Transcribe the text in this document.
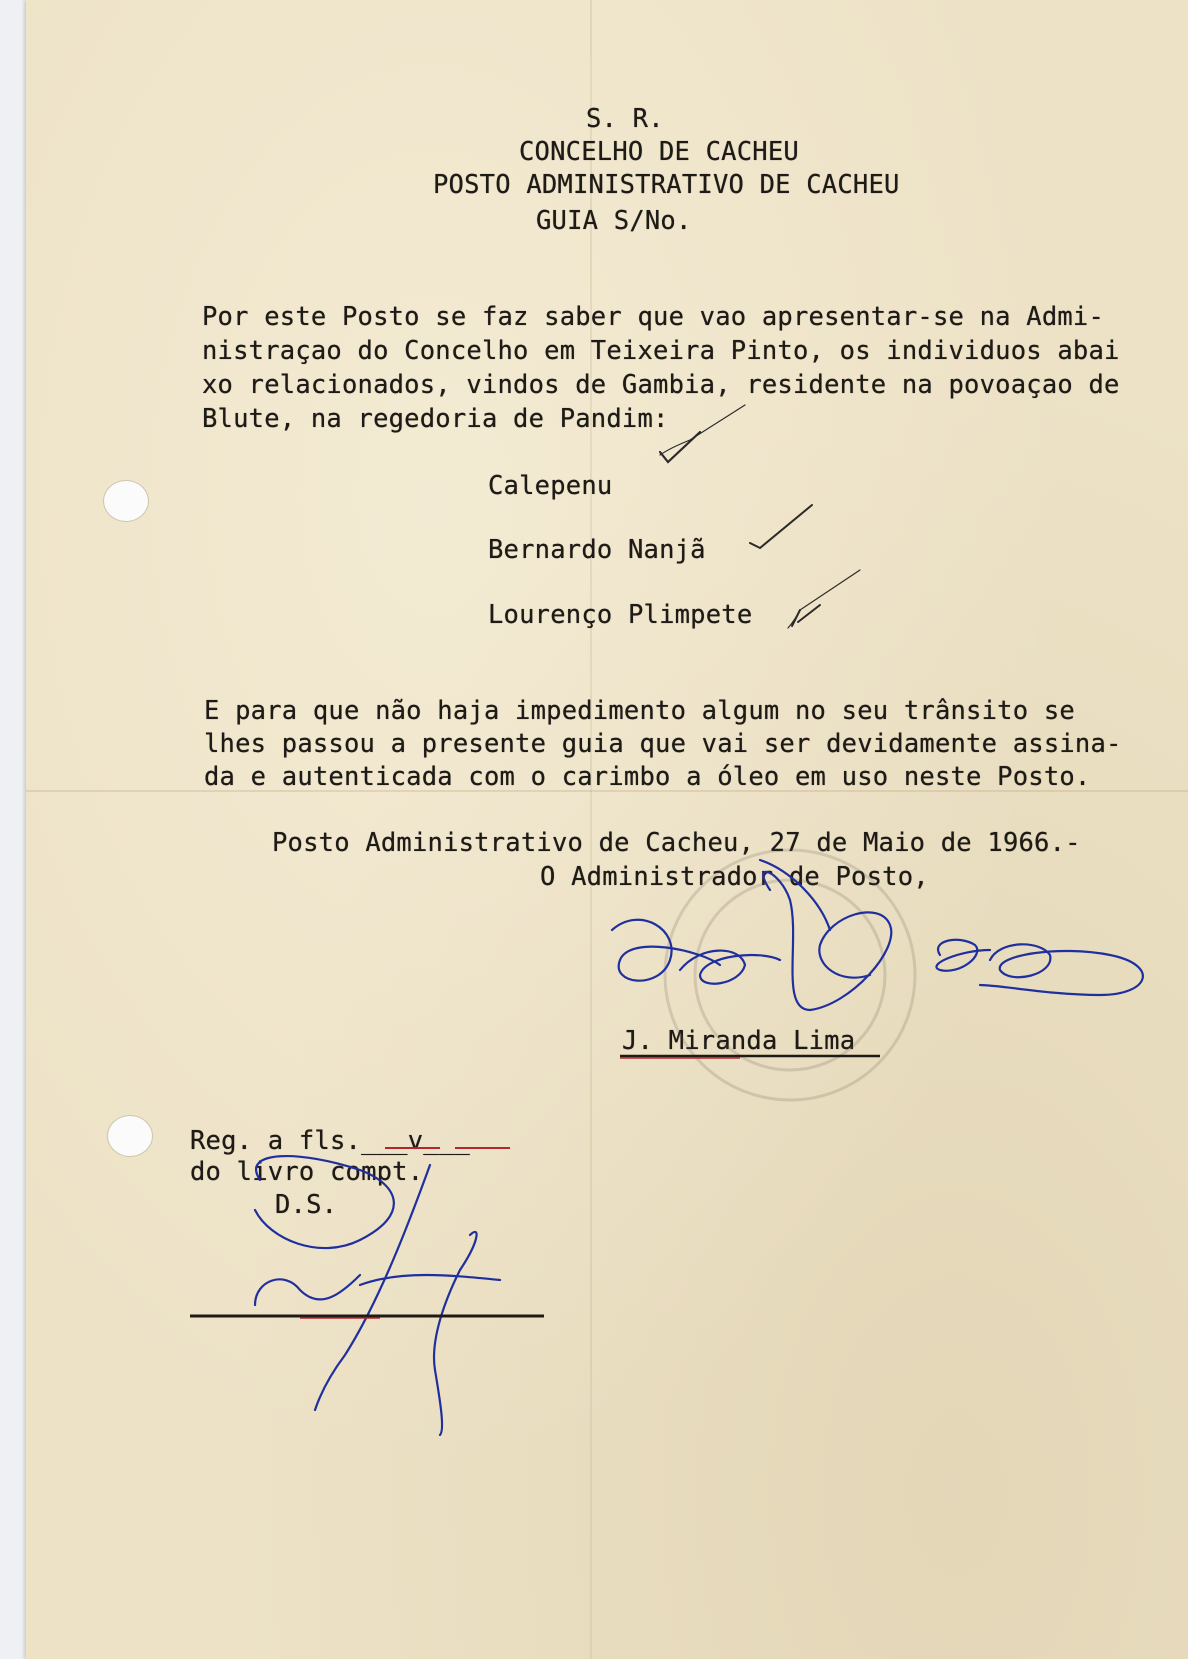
S. R.

CONCELHO DE CACHEU

POSTO ADMINISTRATIVO DE CACHEU

GUIA S/No.

Por este Posto se faz saber que vao apresentar-se na Admi-

nistraçao do Concelho em Teixeira Pinto, os individuos abai

xo relacionados, vindos de Gambia, residente na povoaçao de

Blute, na regedoria de Pandim:

Calepenu

Bernardo Nanjã

Lourenço Plimpete

E para que não haja impedimento algum no seu trânsito se

lhes passou a presente guia que vai ser devidamente assina-

da e autenticada com o carimbo a óleo em uso neste Posto.

Posto Administrativo de Cacheu, 27 de Maio de 1966.-

O Administrador de Posto,

J. Miranda Lima

Reg. a fls.___v___

do livro compt.

D.S.
